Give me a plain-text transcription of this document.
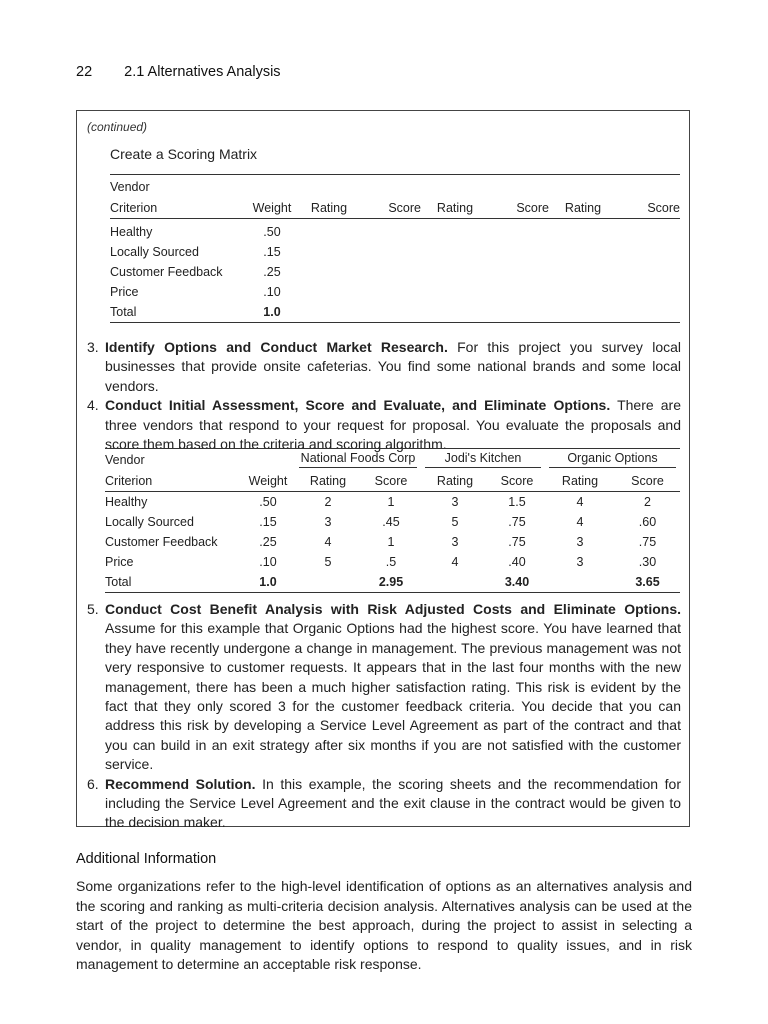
22 2.1 Alternatives Analysis
(continued)
Create a Scoring Matrix
Vendor							
Criterion	Weight	Rating	Score	Rating	Score	Rating	Score
Healthy	.50						
Locally Sourced	.15						
Customer Feedback	.25						
Price	.10						
Total	1.0						
3. Identify Options and Conduct Market Research. For this project you survey local businesses that provide onsite cafeterias. You find some national brands and some local vendors.
4. Conduct Initial Assessment, Score and Evaluate, and Eliminate Options. There are three vendors that respond to your request for proposal. You evaluate the proposals and score them based on the criteria and scoring algorithm.
Vendor		National Foods Corp		Jodi's Kitchen		Organic Options	

Criterion	Weight	Rating	Score	Rating	Score	Rating	Score
Healthy	.50	2	1	3	1.5	4	2
Locally Sourced	.15	3	.45	5	.75	4	.60
Customer Feedback	.25	4	1	3	.75	3	.75
Price	.10	5	.5	4	.40	3	.30
Total	1.0		2.95		3.40		3.65
5. Conduct Cost Benefit Analysis with Risk Adjusted Costs and Eliminate Options. Assume for this example that Organic Options had the highest score. You have learned that they have recently undergone a change in management. The previous management was not very responsive to customer requests. It appears that in the last four months with the new management, there has been a much higher satisfaction rating. This risk is evident by the fact that they only scored 3 for the customer feedback criteria. You decide that you can address this risk by developing a Service Level Agreement as part of the contract and that you can build in an exit strategy after six months if you are not satisfied with the customer service.
6. Recommend Solution. In this example, the scoring sheets and the recommendation for including the Service Level Agreement and the exit clause in the contract would be given to the decision maker.
Additional Information
Some organizations refer to the high-level identification of options as an alternatives analysis and the scoring and ranking as multi-criteria decision analysis. Alternatives analysis can be used at the start of the project to determine the best approach, during the project to assist in selecting a vendor, in quality management to identify options to respond to quality issues, and in risk management to determine an acceptable risk response.
